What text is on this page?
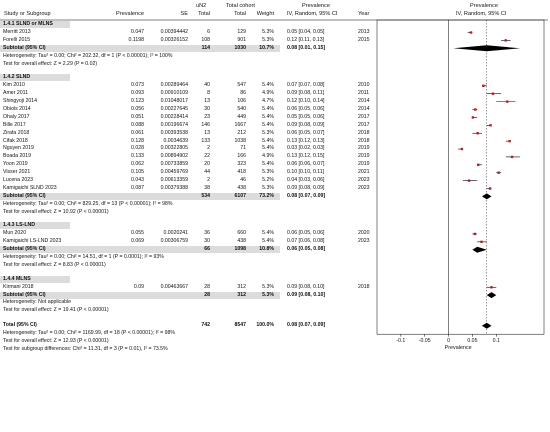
Study or Subgroup	Prevalence	SE
uN2
Total
Total cohort
Total	Weight
Prevalence
IV, Random, 95% CI	Year
Prevalence
IV, Random, 95% CI
1.4.1 SLND or MLNS
Merritt 2013	0.047	0.00394442	6	129	5.3%	0.05 [0.04, 0.05]	2013
Forelli 2015	0.1198	0.00326152	108	901	5.3%	0.12 [0.11, 0.13]	2015
Subtotal (95% CI)	114	1030	10.7%	0.08 [0.01, 0.15]
Heterogeneity: Tau² = 0.00; Chi² = 202.32, df = 1 (P < 0.00001); I² = 100%
Test for overall effect: Z = 2.29 (P = 0.02)
1.4.2 SLND
Kim 2010	0.073	0.00289464	40	547	5.4%	0.07 [0.07, 0.08]	2010
Amer 2011	0.093	0.00910109	8	86	4.9%	0.09 [0.08, 0.11]	2011
Shingyoji 2014	0.123	0.01048017	13	106	4.7%	0.12 [0.10, 0.14]	2014
Obiols 2014	0.056	0.00227645	30	540	5.4%	0.06 [0.05, 0.06]	2014
Ohaly 2017	0.051	0.00228414	23	449	5.4%	0.05 [0.05, 0.06]	2017
Bille 2017	0.088	0.00196674	146	1667	5.4%	0.09 [0.08, 0.09]	2017
Zirafa 2018	0.061	0.00393538	13	212	5.3%	0.06 [0.05, 0.07]	2018
Cifak 2018	0.128	0.0034639	133	1038	5.4%	0.13 [0.12, 0.13]	2018
Nguyen 2019	0.028	0.00322805	2	71	5.4%	0.03 [0.02, 0.03]	2019
Boada 2019	0.133	0.00894902	22	166	4.9%	0.13 [0.12, 0.15]	2019
Yoon 2019	0.062	0.00733859	20	323	5.4%	0.06 [0.06, 0.07]	2019
Visser 2021	0.105	0.00459769	44	418	5.3%	0.10 [0.10, 0.11]	2021
Lucena 2023	0.043	0.00613359	2	46	5.2%	0.04 [0.03, 0.06]	2023
Kamigaichi SLND 2023	0.087	0.00379388	38	438	5.3%	0.09 [0.08, 0.09]	2023
Subtotal (95% CI)	534	6107	73.2%	0.08 [0.07, 0.09]
Heterogeneity: Tau² = 0.00; Chi² = 829.25, df = 13 (P < 0.00001); I² = 98%
Test for overall effect: Z = 10.92 (P < 0.00001)
1.4.3 LS-LND
Mun 2020	0.055	0.0020241	36	660	5.4%	0.06 [0.05, 0.06]	2020
Kamigaichi LS-LND 2023	0.069	0.00306759	30	438	5.4%	0.07 [0.06, 0.08]	2023
Subtotal (95% CI)	66	1098	10.8%	0.06 [0.05, 0.08]
Heterogeneity: Tau² = 0.00; Chi² = 14.51, df = 1 (P = 0.0001); I² = 93%
Test for overall effect: Z = 8.83 (P < 0.00001)
1.4.4 MLNS
Kirmani 2018	0.09	0.00463667	28	312	5.3%	0.09 [0.08, 0.10]	2018
Subtotal (95% CI)	28	312	5.3%	0.09 [0.08, 0.10]
Heterogeneity: Not applicable
Test for overall effect: Z = 19.41 (P < 0.00001)
Total (95% CI)	742	8547	100.0%	0.08 [0.07, 0.09]
Heterogeneity: Tau² = 0.00; Chi² = 1169.99, df = 18 (P < 0.00001); I² = 98%
Test for overall effect: Z = 12.93 (P < 0.00001)
Test for subgroup differences: Chi² = 11.31, df = 3 (P = 0.01), I² = 73.5%
-0.1	-0.05	0	0.05	0.1
Prevalence
